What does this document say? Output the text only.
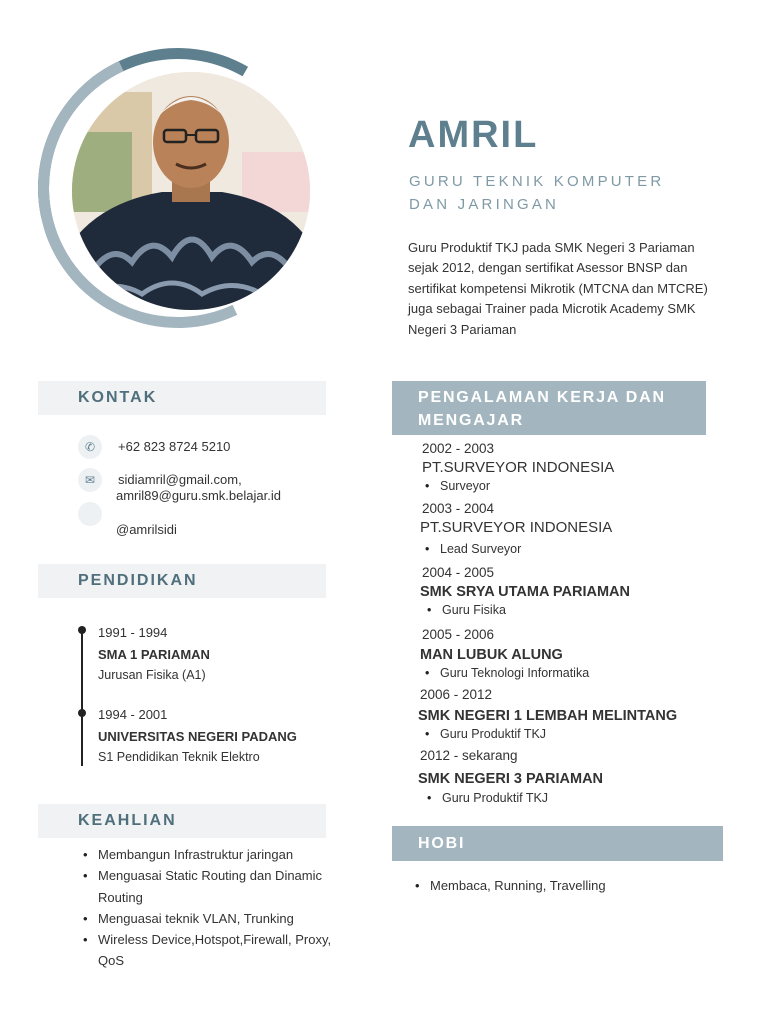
AMRIL
GURU TEKNIK KOMPUTER
DAN JARINGAN

Guru Produktif TKJ pada SMK Negeri 3 Pariaman sejak 2012, dengan sertifikat Asessor BNSP dan sertifikat kompetensi Mikrotik (MTCNA dan MTCRE) juga sebagai Trainer pada Microtik Academy SMK Negeri 3 Pariaman

KONTAK
✆	+62 823 8724 5210
✉	sidiamril@gmail.com,
amril89@guru.smk.belajar.id
@amrilsidi
PENDIDIKAN
1991 - 1994
SMA 1 PARIAMAN
Jurusan Fisika (A1)
1994 - 2001
UNIVERSITAS NEGERI PADANG
S1 Pendidikan Teknik Elektro
KEAHLIAN
• Membangun Infrastruktur jaringan
• Menguasai Static Routing dan Dinamic Routing
• Menguasai teknik VLAN, Trunking
• Wireless Device,Hotspot,Firewall, Proxy, QoS
PENGALAMAN KERJA DAN
MENGAJAR
2002 - 2003
PT.SURVEYOR INDONESIA
• Surveyor
2003 - 2004
PT.SURVEYOR INDONESIA
• Lead Surveyor
2004 - 2005
SMK SRYA UTAMA PARIAMAN
• Guru Fisika
2005 - 2006
MAN LUBUK ALUNG
• Guru Teknologi Informatika
2006 - 2012
SMK NEGERI 1 LEMBAH MELINTANG
• Guru Produktif TKJ
2012 - sekarang
SMK NEGERI 3 PARIAMAN
• Guru Produktif TKJ
HOBI
• Membaca, Running, Travelling
